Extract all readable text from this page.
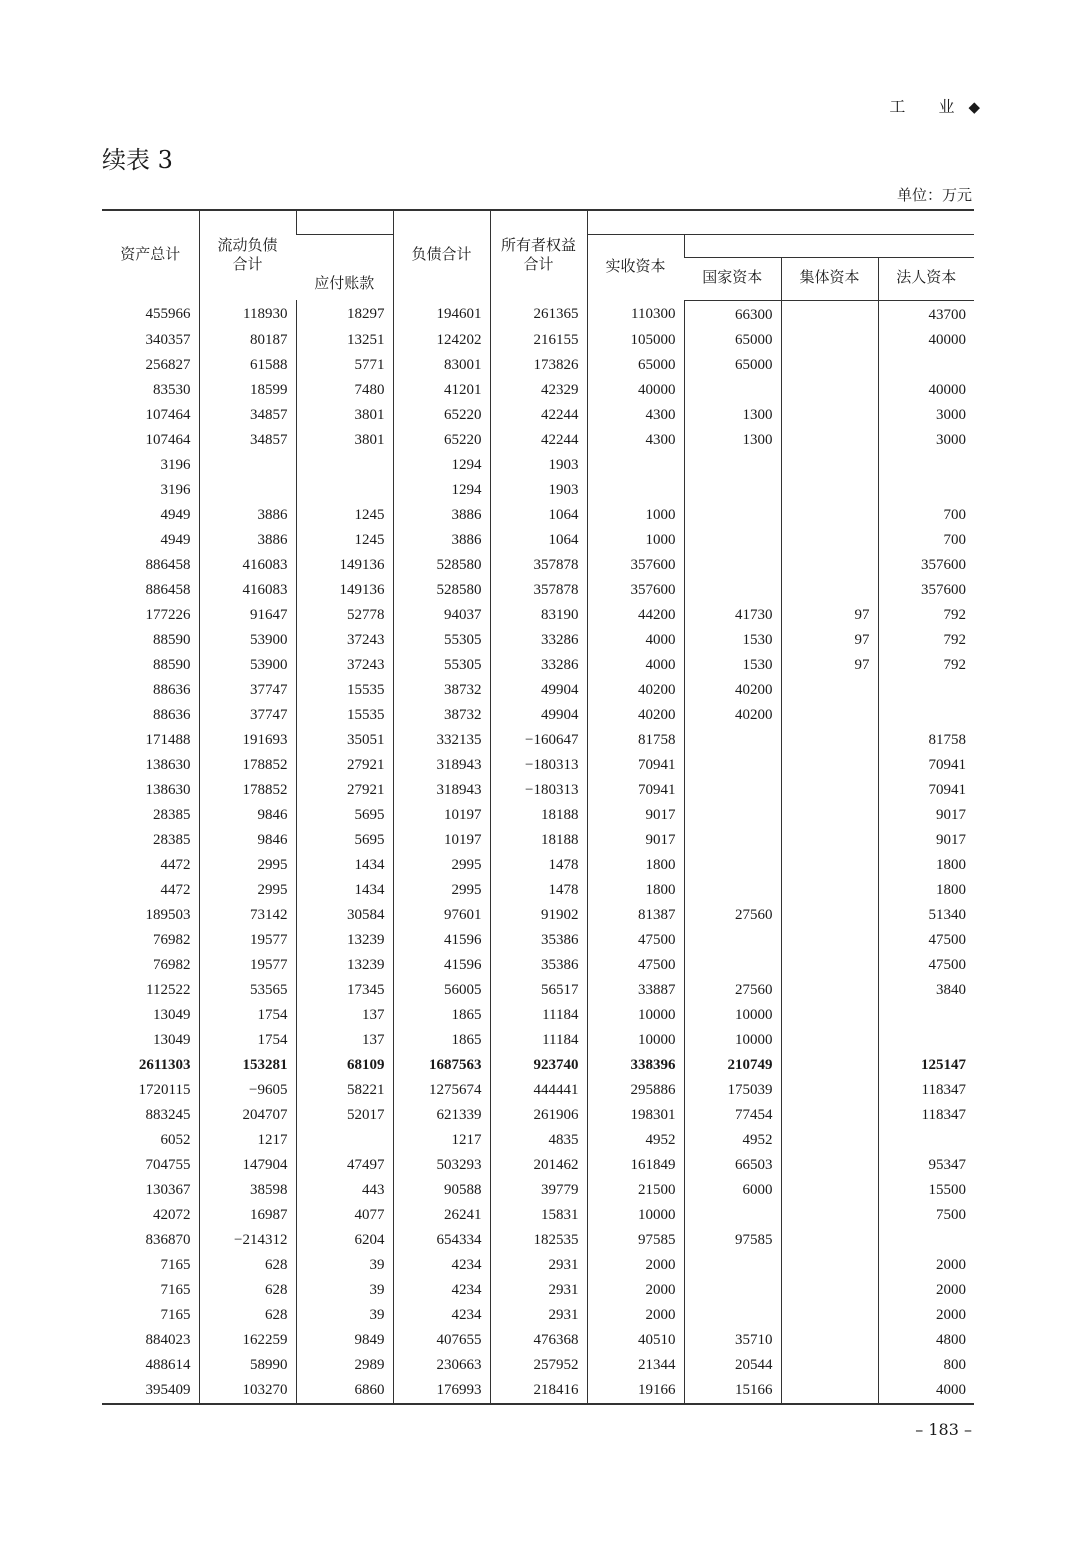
工 业◆
续表 3
单位：万元
资产总计	流动负债合计		负债合计	所有者权益合计				

		应付账款			实收资本			
						国家资本	集体资本	法人资本
455966	118930	18297	194601	261365	110300	66300		43700
340357	80187	13251	124202	216155	105000	65000		40000
256827	61588	5771	83001	173826	65000	65000		
83530	18599	7480	41201	42329	40000			40000
107464	34857	3801	65220	42244	4300	1300		3000
107464	34857	3801	65220	42244	4300	1300		3000
3196			1294	1903				
3196			1294	1903				
4949	3886	1245	3886	1064	1000			700
4949	3886	1245	3886	1064	1000			700
886458	416083	149136	528580	357878	357600			357600
886458	416083	149136	528580	357878	357600			357600
177226	91647	52778	94037	83190	44200	41730	97	792
88590	53900	37243	55305	33286	4000	1530	97	792
88590	53900	37243	55305	33286	4000	1530	97	792
88636	37747	15535	38732	49904	40200	40200		
88636	37747	15535	38732	49904	40200	40200		
171488	191693	35051	332135	−160647	81758			81758
138630	178852	27921	318943	−180313	70941			70941
138630	178852	27921	318943	−180313	70941			70941
28385	9846	5695	10197	18188	9017			9017
28385	9846	5695	10197	18188	9017			9017
4472	2995	1434	2995	1478	1800			1800
4472	2995	1434	2995	1478	1800			1800
189503	73142	30584	97601	91902	81387	27560		51340
76982	19577	13239	41596	35386	47500			47500
76982	19577	13239	41596	35386	47500			47500
112522	53565	17345	56005	56517	33887	27560		3840
13049	1754	137	1865	11184	10000	10000		
13049	1754	137	1865	11184	10000	10000		
2611303	153281	68109	1687563	923740	338396	210749		125147
1720115	−9605	58221	1275674	444441	295886	175039		118347
883245	204707	52017	621339	261906	198301	77454		118347
6052	1217		1217	4835	4952	4952		
704755	147904	47497	503293	201462	161849	66503		95347
130367	38598	443	90588	39779	21500	6000		15500
42072	16987	4077	26241	15831	10000			7500
836870	−214312	6204	654334	182535	97585	97585		
7165	628	39	4234	2931	2000			2000
7165	628	39	4234	2931	2000			2000
7165	628	39	4234	2931	2000			2000
884023	162259	9849	407655	476368	40510	35710		4800
488614	58990	2989	230663	257952	21344	20544		800
395409	103270	6860	176993	218416	19166	15166		4000
– 183 –
